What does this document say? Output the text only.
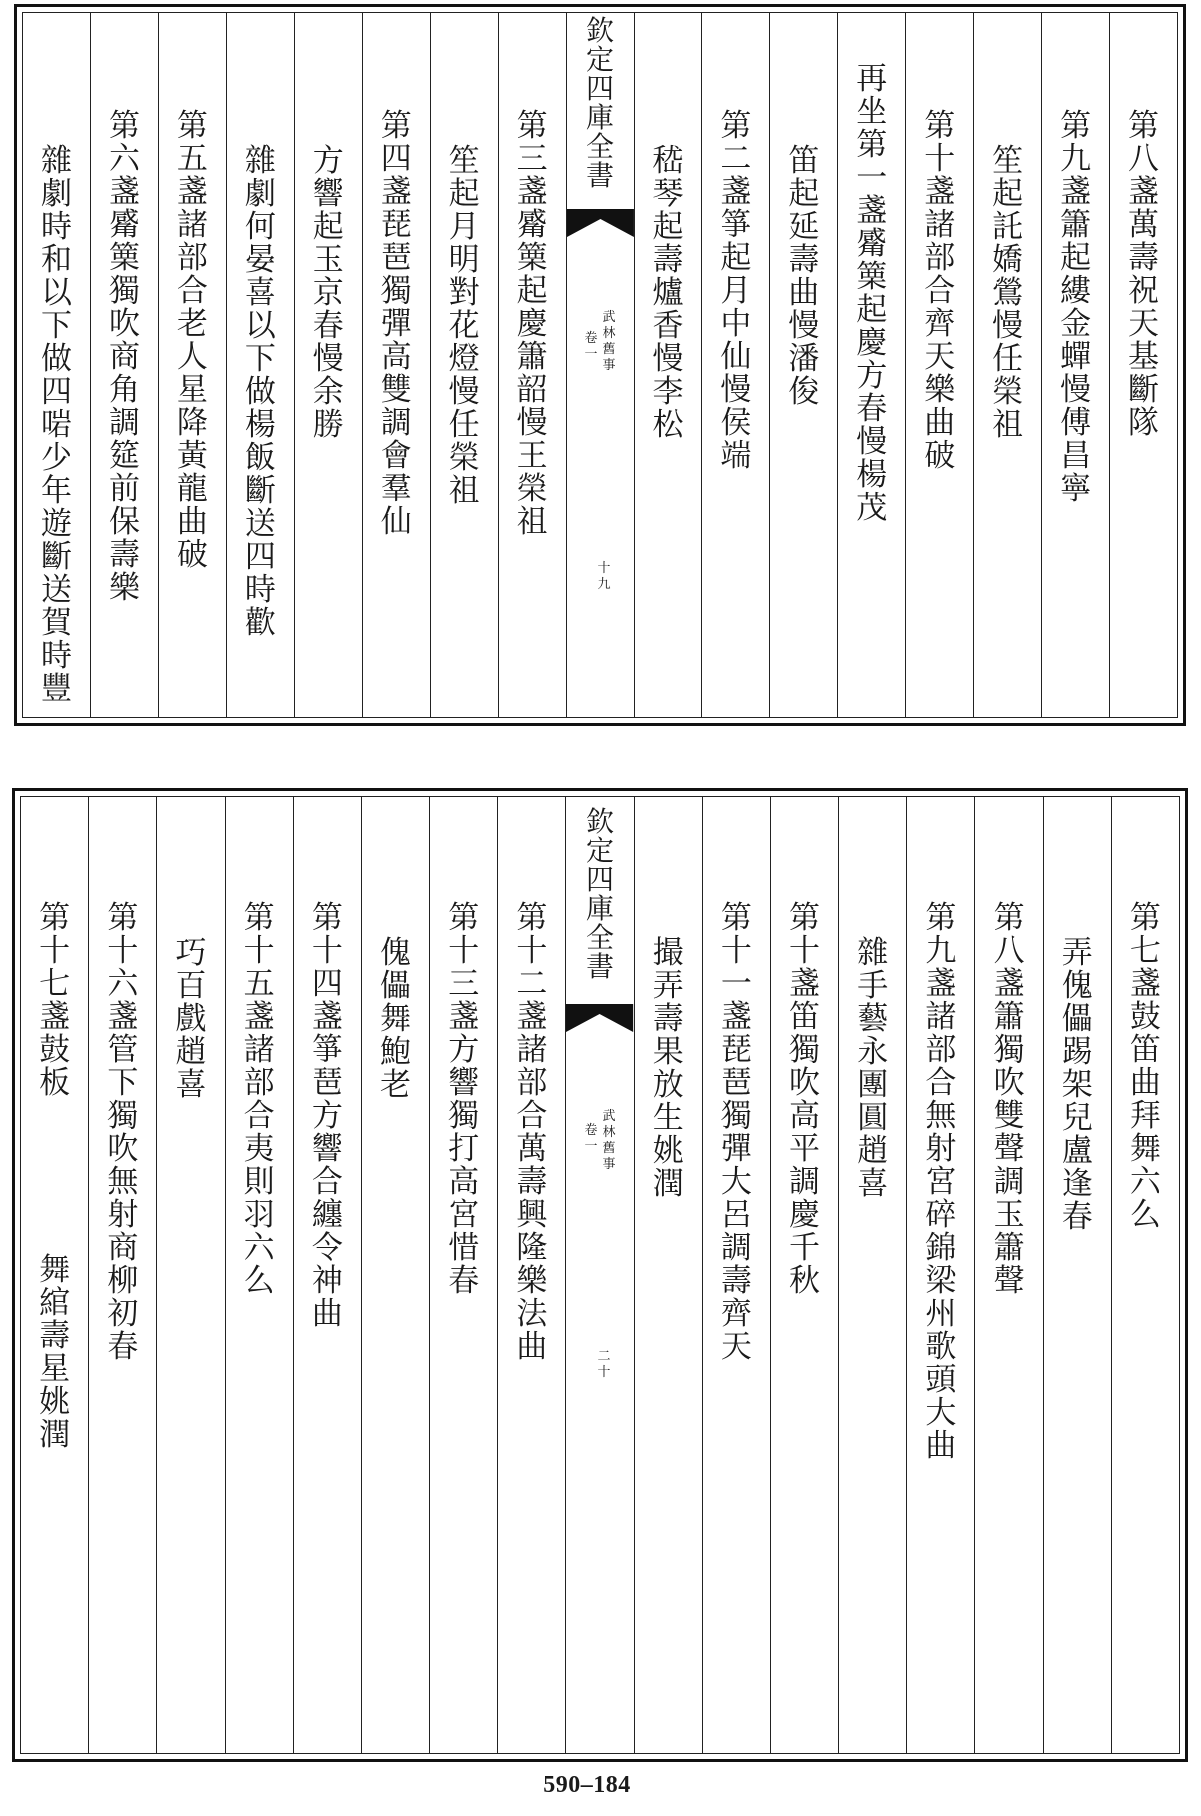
第
八
盞
萬
壽
祝
天
基
斷
隊
第
九
盞
簫
起
縷
金
蟬
慢
傅
昌
寧
笙
起
託
嬌
鶯
慢
任
榮
祖
第
十
盞
諸
部
合
齊
天
樂
曲
破
再
坐
第
一
盞
觱
篥
起
慶
方
春
慢
楊
茂
笛
起
延
壽
曲
慢
潘
俊
第
二
盞
箏
起
月
中
仙
慢
侯
端
嵇
琴
起
壽
爐
香
慢
李
松
欽
定
四
庫
全
書
武
林
舊
事
卷
一
十
九
第
三
盞
觱
篥
起
慶
簫
韶
慢
王
榮
祖
笙
起
月
明
對
花
燈
慢
任
榮
祖
第
四
盞
琵
琶
獨
彈
高
雙
調
會
羣
仙
方
響
起
玉
京
春
慢
余
勝
雜
劇
何
晏
喜
以
下
做
楊
飯
斷
送
四
時
歡
第
五
盞
諸
部
合
老
人
星
降
黃
龍
曲
破
第
六
盞
觱
篥
獨
吹
商
角
調
筵
前
保
壽
樂
雜
劇
時
和
以
下
做
四
啱
少
年
遊
斷
送
賀
時
豐
第
七
盞
鼓
笛
曲
拜
舞
六
么
弄
傀
儡
踢
架
兒
盧
逢
春
第
八
盞
簫
獨
吹
雙
聲
調
玉
簫
聲
第
九
盞
諸
部
合
無
射
宮
碎
錦
梁
州
歌
頭
大
曲
雜
手
藝
永
團
圓
趙
喜
第
十
盞
笛
獨
吹
高
平
調
慶
千
秋
第
十
一
盞
琵
琶
獨
彈
大
呂
調
壽
齊
天
撮
弄
壽
果
放
生
姚
潤
欽
定
四
庫
全
書
武
林
舊
事
卷
一
二
十
第
十
二
盞
諸
部
合
萬
壽
興
隆
樂
法
曲
第
十
三
盞
方
響
獨
打
高
宮
惜
春
傀
儡
舞
鮑
老
第
十
四
盞
箏
琶
方
響
合
纏
令
神
曲
第
十
五
盞
諸
部
合
夷
則
羽
六
么
巧
百
戲
趙
喜
第
十
六
盞
管
下
獨
吹
無
射
商
柳
初
春
第
十
七
盞
鼓
板
舞
綰
壽
星
姚
潤
590–184
